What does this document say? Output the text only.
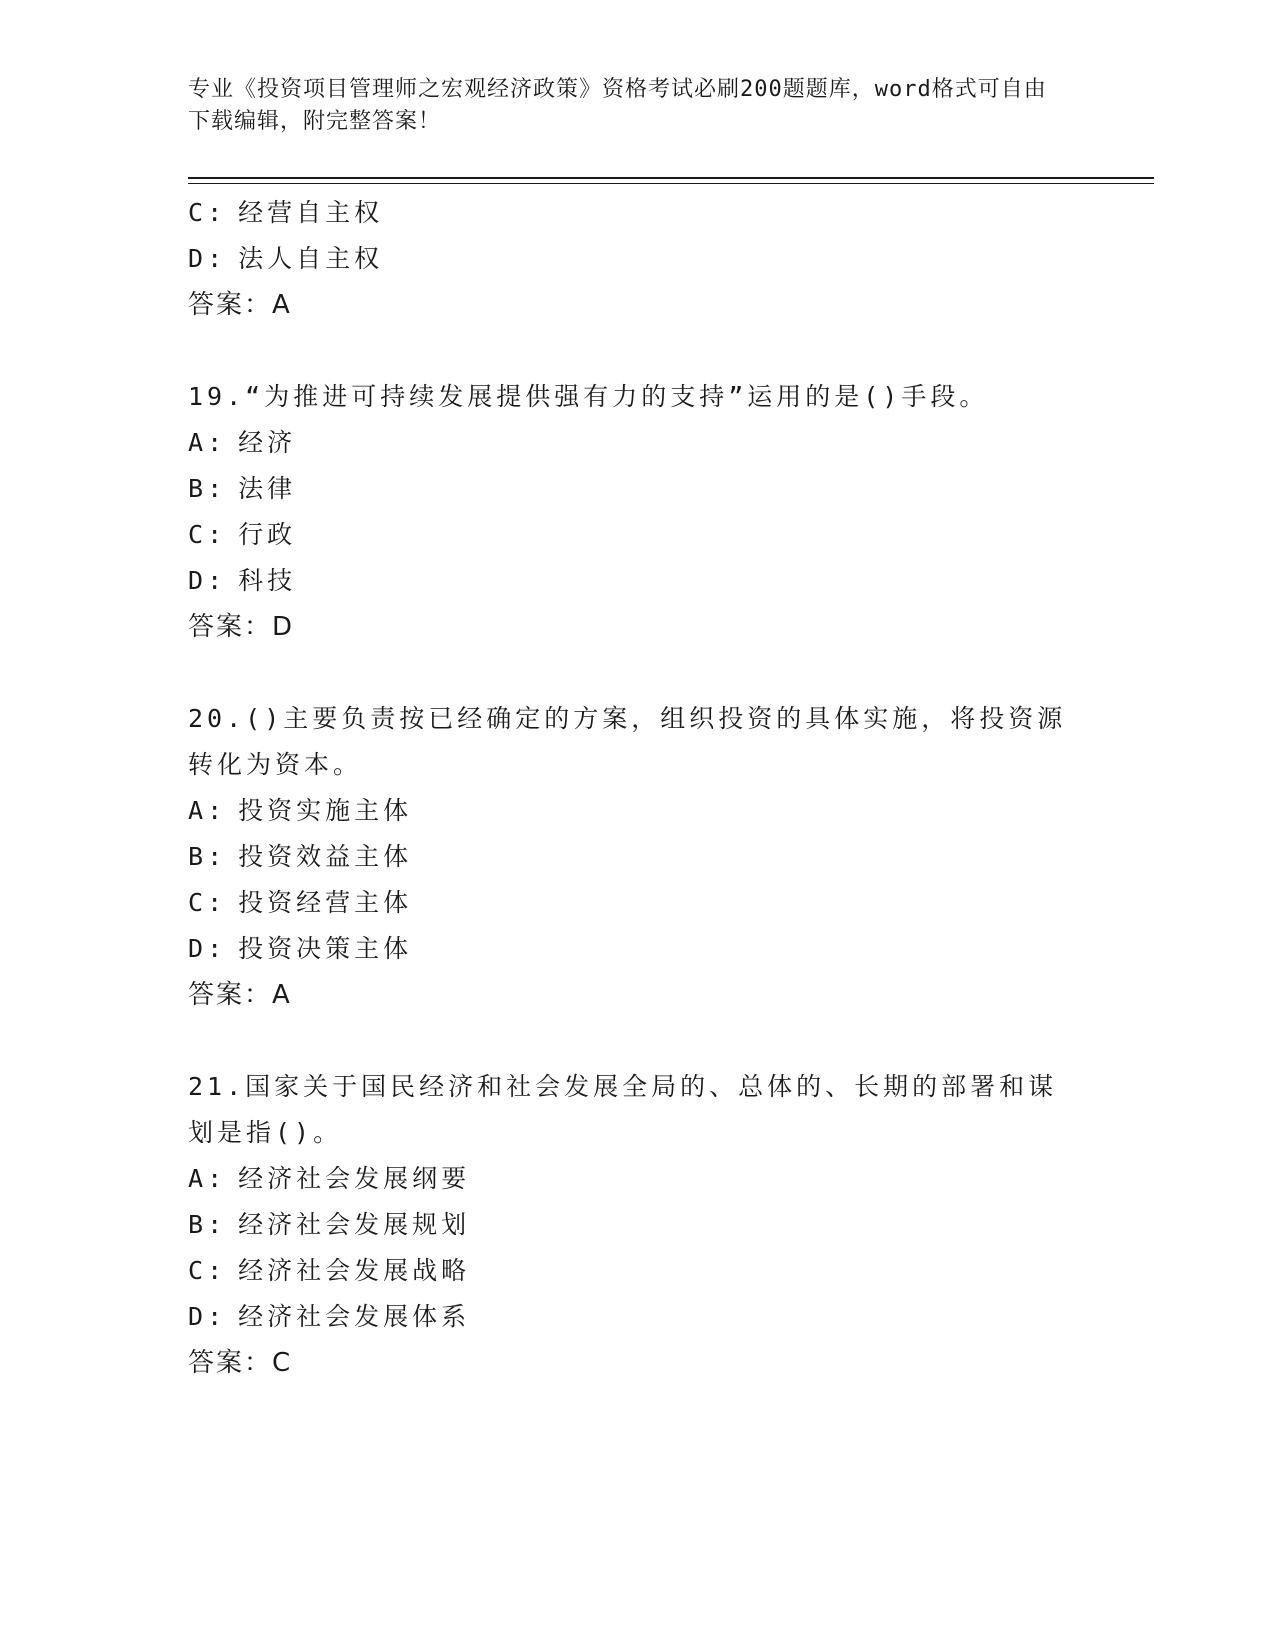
专业《投资项目管理师之宏观经济政策》资格考试必刷200题题库，word格式可自由下载编辑，附完整答案！
C: 经营自主权
D: 法人自主权
答案：A
19.“为推进可持续发展提供强有力的支持”运用的是()手段。
A: 经济
B: 法律
C: 行政
D: 科技
答案：D
20.()主要负责按已经确定的方案，组织投资的具体实施，将投资源转化为资本。
A: 投资实施主体
B: 投资效益主体
C: 投资经营主体
D: 投资决策主体
答案：A
21.国家关于国民经济和社会发展全局的、总体的、长期的部署和谋划是指()。
A: 经济社会发展纲要
B: 经济社会发展规划
C: 经济社会发展战略
D: 经济社会发展体系
答案：C
